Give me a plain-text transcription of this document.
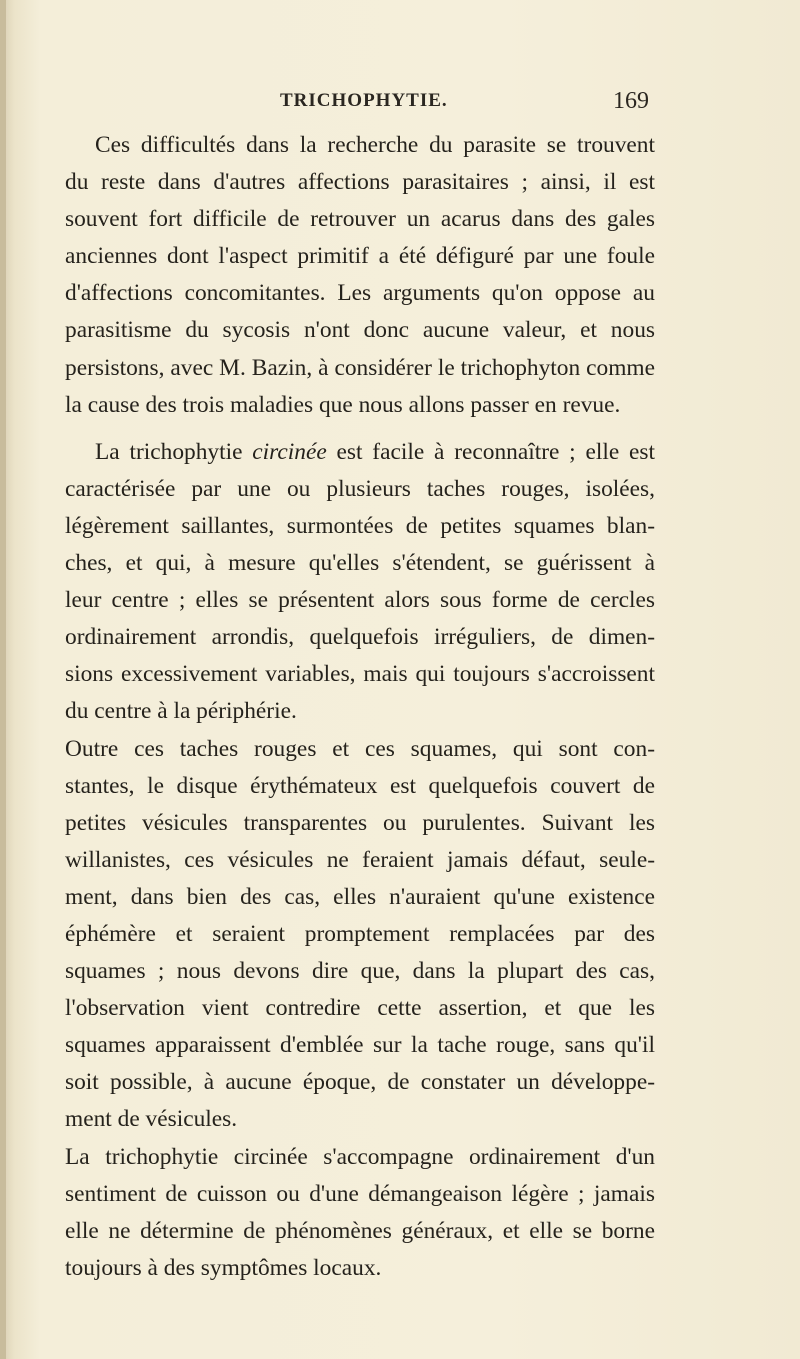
TRICHOPHYTIE.	169
Ces difficultés dans la recherche du parasite se trouvent
du reste dans d'autres affections parasitaires ; ainsi, il est
souvent fort difficile de retrouver un acarus dans des gales
anciennes dont l'aspect primitif a été défiguré par une foule
d'affections concomitantes. Les arguments qu'on oppose au
parasitisme du sycosis n'ont donc aucune valeur, et nous
persistons, avec M. Bazin, à considérer le trichophyton comme
la cause des trois maladies que nous allons passer en revue.
La trichophytie circinée est facile à reconnaître ; elle est
caractérisée par une ou plusieurs taches rouges, isolées,
légèrement saillantes, surmontées de petites squames blan-
ches, et qui, à mesure qu'elles s'étendent, se guérissent à
leur centre ; elles se présentent alors sous forme de cercles
ordinairement arrondis, quelquefois irréguliers, de dimen-
sions excessivement variables, mais qui toujours s'accroissent
du centre à la périphérie.
Outre ces taches rouges et ces squames, qui sont con-
stantes, le disque érythémateux est quelquefois couvert de
petites vésicules transparentes ou purulentes. Suivant les
willanistes, ces vésicules ne feraient jamais défaut, seule-
ment, dans bien des cas, elles n'auraient qu'une existence
éphémère et seraient promptement remplacées par des
squames ; nous devons dire que, dans la plupart des cas,
l'observation vient contredire cette assertion, et que les
squames apparaissent d'emblée sur la tache rouge, sans qu'il
soit possible, à aucune époque, de constater un développe-
ment de vésicules.
La trichophytie circinée s'accompagne ordinairement d'un
sentiment de cuisson ou d'une démangeaison légère ; jamais
elle ne détermine de phénomènes généraux, et elle se borne
toujours à des symptômes locaux.
